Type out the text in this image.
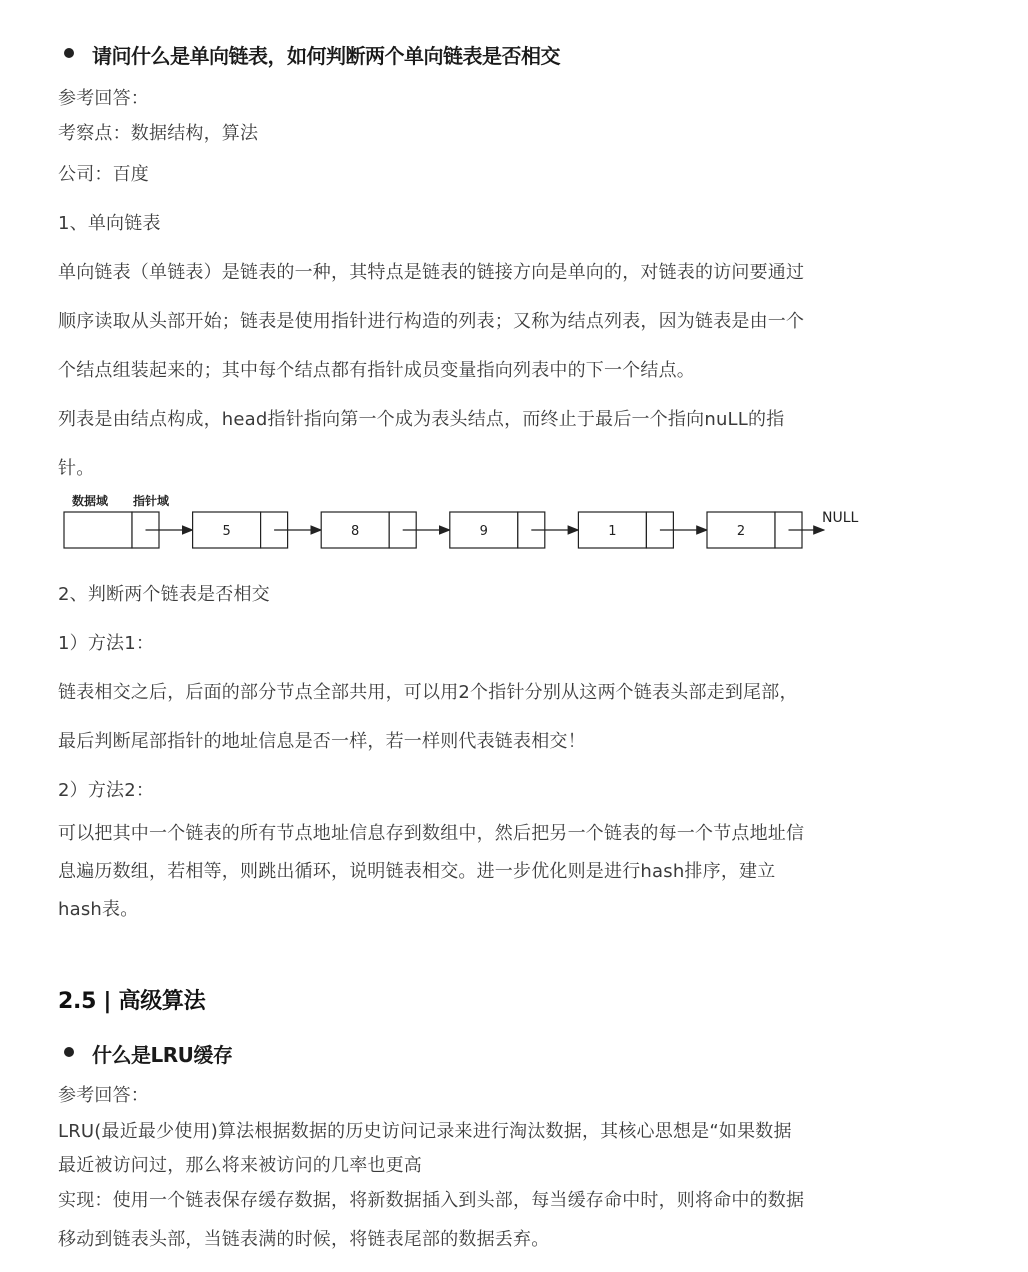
请问什么是单向链表，如何判断两个单向链表是否相交
参考回答：
考察点：数据结构，算法
公司：百度
1、单向链表
单向链表（单链表）是链表的一种，其特点是链表的链接方向是单向的，对链表的访问要通过
顺序读取从头部开始；链表是使用指针进行构造的列表；又称为结点列表，因为链表是由一个
个结点组装起来的；其中每个结点都有指针成员变量指向列表中的下一个结点。
列表是由结点构成，head指针指向第一个成为表头结点，而终止于最后一个指向nuLL的指
针。
数据域 指针域
5	8	9	1	2
NULL
2、判断两个链表是否相交
1）方法1：
链表相交之后，后面的部分节点全部共用，可以用2个指针分别从这两个链表头部走到尾部，
最后判断尾部指针的地址信息是否一样，若一样则代表链表相交！
2）方法2：
可以把其中一个链表的所有节点地址信息存到数组中，然后把另一个链表的每一个节点地址信
息遍历数组，若相等，则跳出循环，说明链表相交。进一步优化则是进行hash排序，建立
hash表。
2.5 | 高级算法
什么是LRU缓存
参考回答：
LRU(最近最少使用)算法根据数据的历史访问记录来进行淘汰数据，其核心思想是“如果数据
最近被访问过，那么将来被访问的几率也更高
实现：使用一个链表保存缓存数据，将新数据插入到头部，每当缓存命中时，则将命中的数据
移动到链表头部，当链表满的时候，将链表尾部的数据丢弃。
